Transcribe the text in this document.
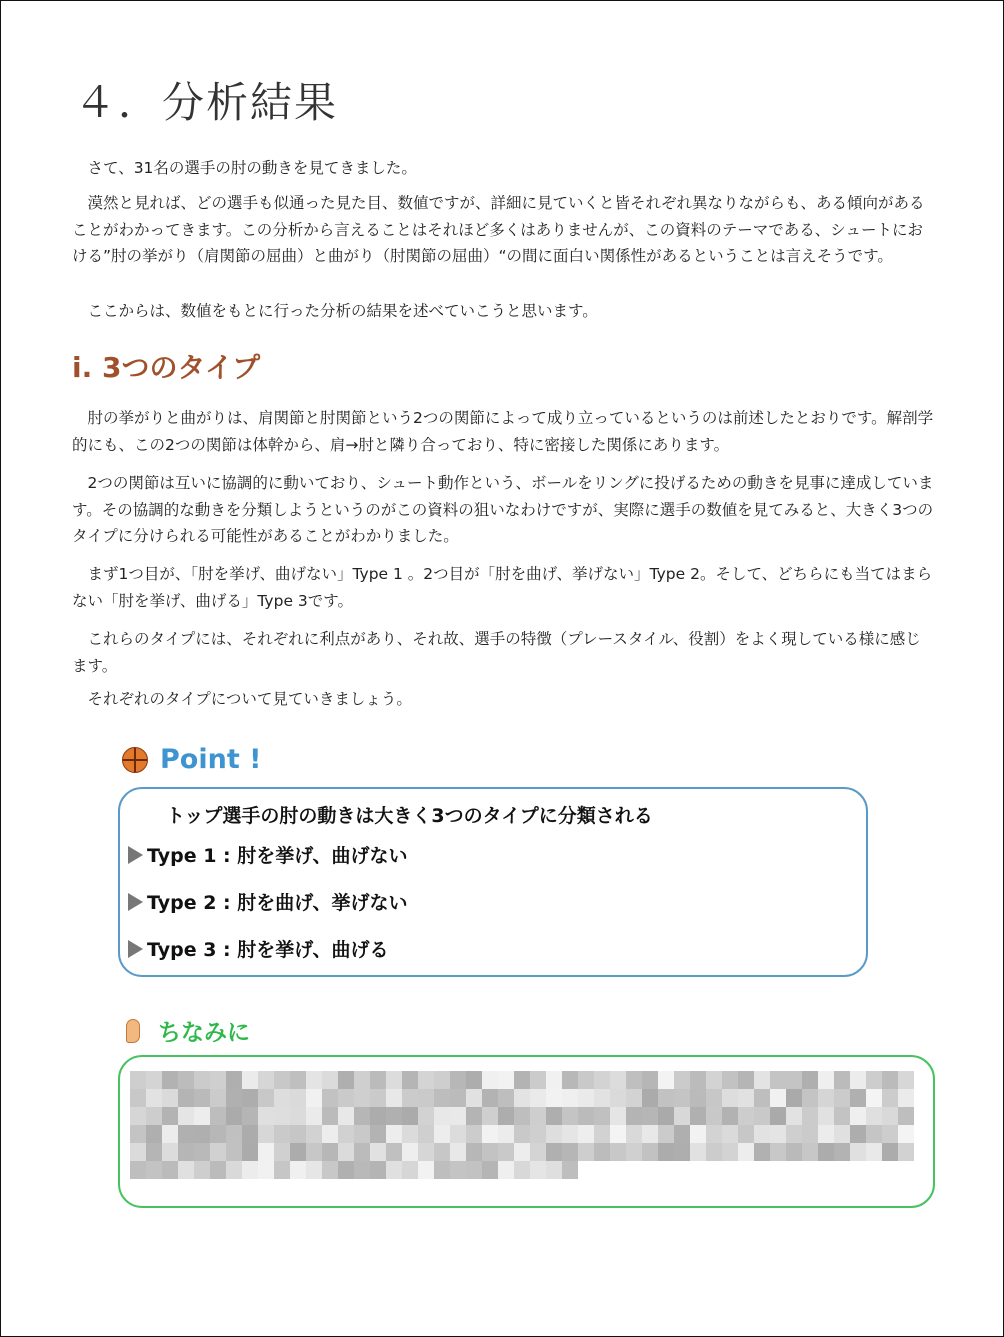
４．分析結果
さて、31名の選手の肘の動きを見てきました。
漠然と見れば、どの選手も似通った見た目、数値ですが、詳細に見ていくと皆それぞれ異なりながらも、ある傾向があることがわかってきます。この分析から言えることはそれほど多くはありませんが、この資料のテーマである、シュートにおける”肘の挙がり（肩関節の屈曲）と曲がり（肘関節の屈曲）“の間に面白い関係性があるということは言えそうです。
ここからは、数値をもとに行った分析の結果を述べていこうと思います。
i. 3つのタイプ
肘の挙がりと曲がりは、肩関節と肘関節という2つの関節によって成り立っているというのは前述したとおりです。解剖学的にも、この2つの関節は体幹から、肩→肘と隣り合っており、特に密接した関係にあります。
2つの関節は互いに協調的に動いており、シュート動作という、ボールをリングに投げるための動きを見事に達成しています。その協調的な動きを分類しようというのがこの資料の狙いなわけですが、実際に選手の数値を見てみると、大きく3つのタイプに分けられる可能性があることがわかりました。
まず1つ目が、「肘を挙げ、曲げない」Type 1 。2つ目が「肘を曲げ、挙げない」Type 2。そして、どちらにも当てはまらない「肘を挙げ、曲げる」Type 3です。
これらのタイプには、それぞれに利点があり、それ故、選手の特徴（プレースタイル、役割）をよく現している様に感じます。
それぞれのタイプについて見ていきましょう。
Point !
トップ選手の肘の動きは大きく3つのタイプに分類される
Type 1 : 肘を挙げ、曲げない
Type 2 : 肘を曲げ、挙げない
Type 3 : 肘を挙げ、曲げる
ちなみに
